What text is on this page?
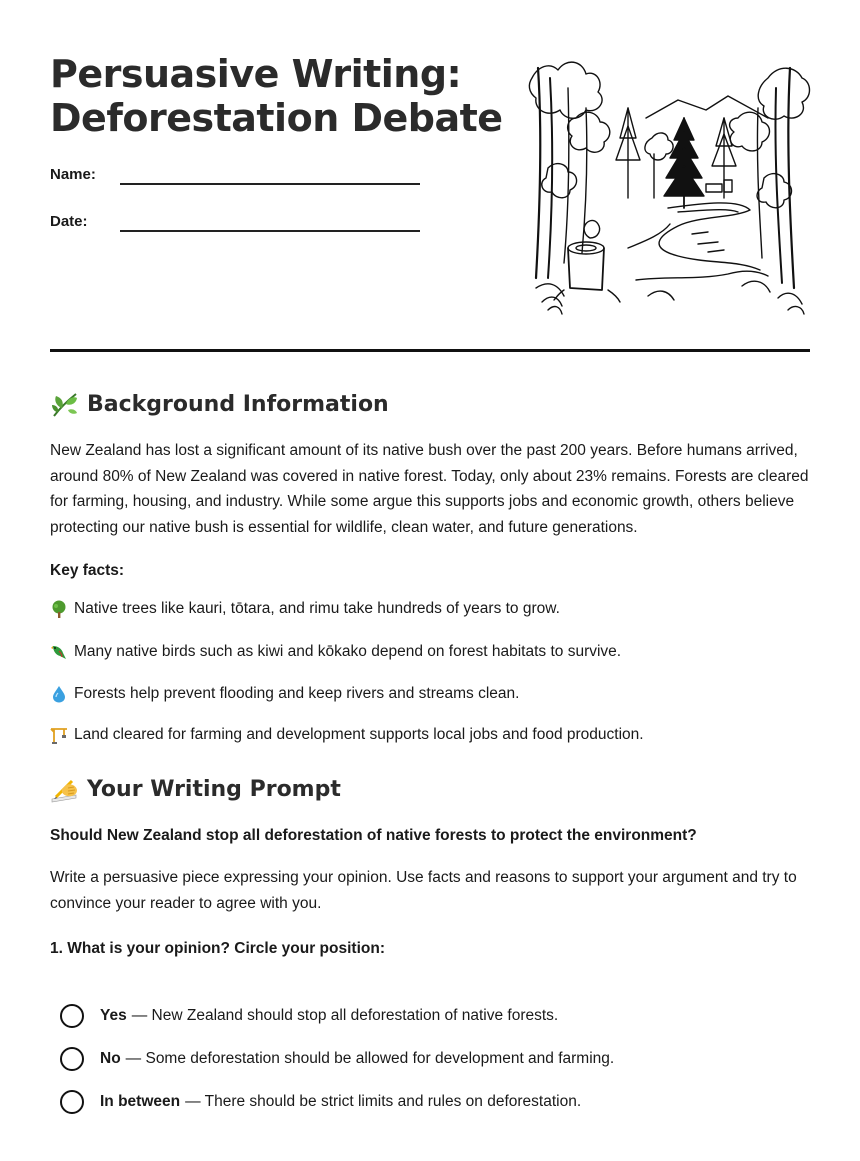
Persuasive Writing: Deforestation Debate
Name:
Date:
Background Information

New Zealand has lost a significant amount of its native bush over the past 200 years. Before humans arrived, around 80% of New Zealand was covered in native forest. Today, only about 23% remains. Forests are cleared for farming, housing, and industry. While some argue this supports jobs and economic growth, others believe protecting our native bush is essential for wildlife, clean water, and future generations.

Key facts:

Native trees like kauri, tōtara, and rimu take hundreds of years to grow.
Many native birds such as kiwi and kōkako depend on forest habitats to survive.
Forests help prevent flooding and keep rivers and streams clean.
Land cleared for farming and development supports local jobs and food production.
Your Writing Prompt

Should New Zealand stop all deforestation of native forests to protect the environment?

Write a persuasive piece expressing your opinion. Use facts and reasons to support your argument and try to convince your reader to agree with you.

1. What is your opinion? Circle your position:

Yes — New Zealand should stop all deforestation of native forests.
No — Some deforestation should be allowed for development and farming.
In between — There should be strict limits and rules on deforestation.
